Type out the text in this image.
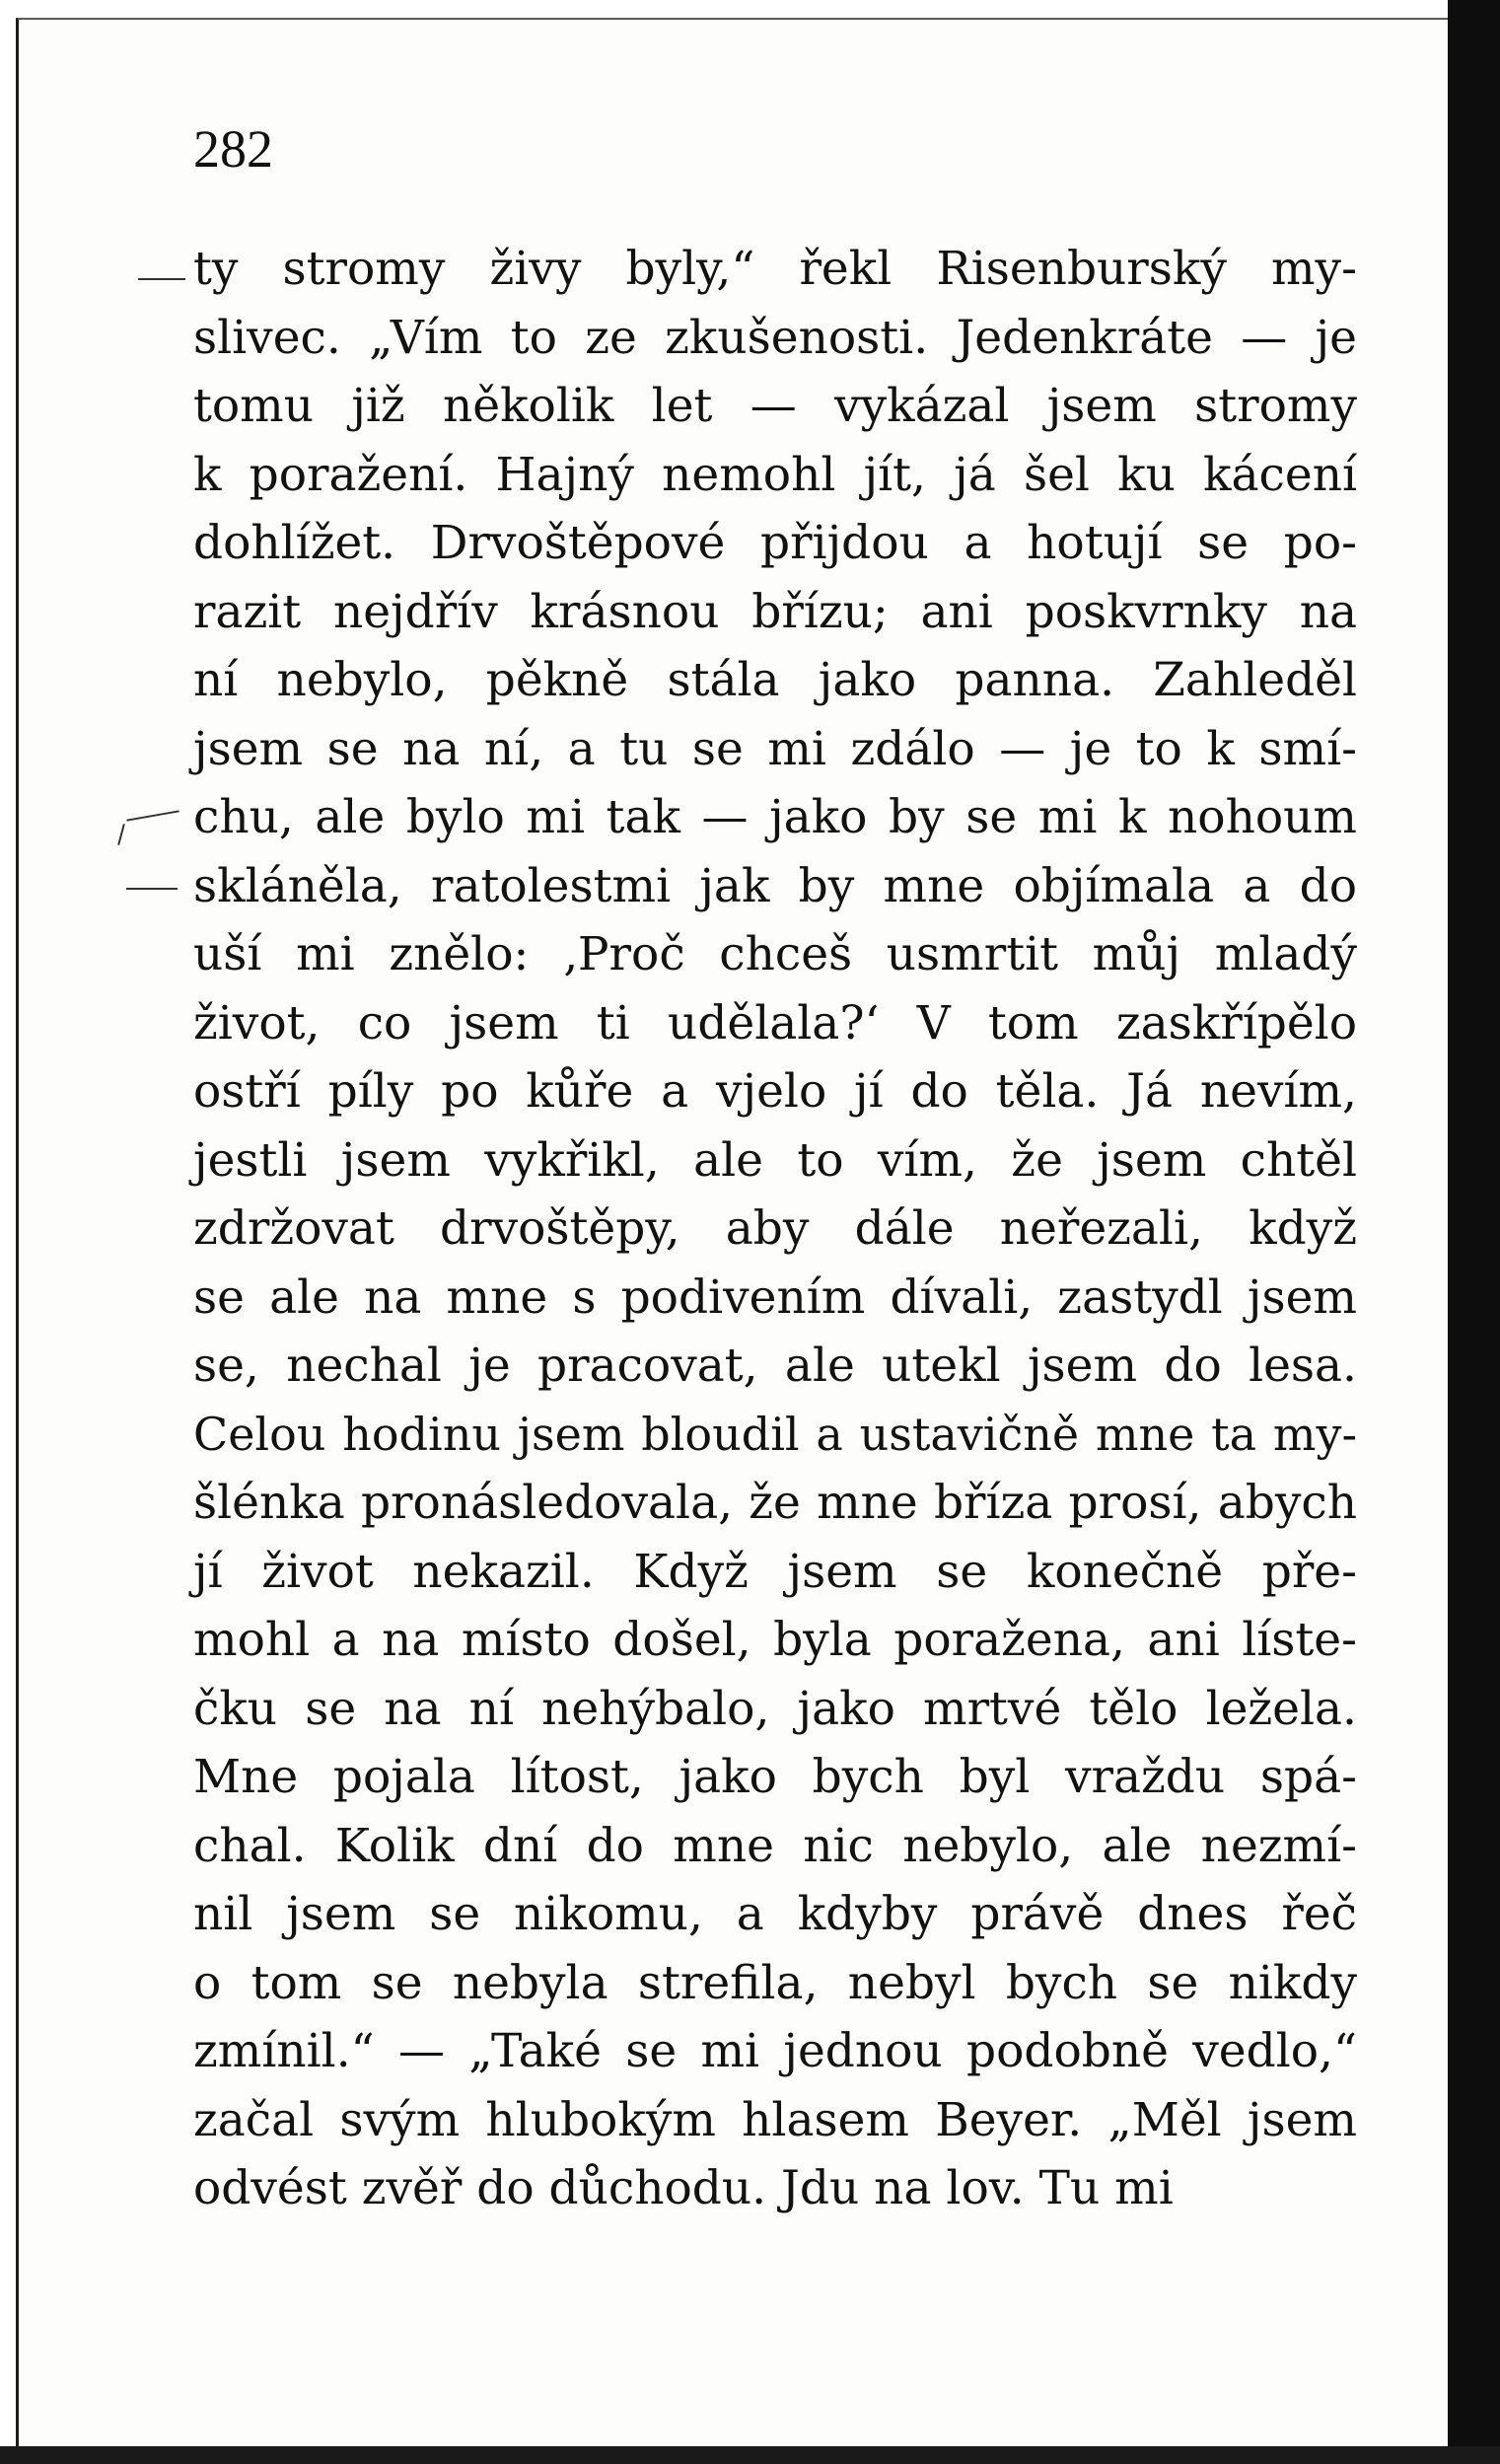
282

ty stromy živy byly,“ řekl Risenburský my-
slivec. „Vím to ze zkušenosti. Jedenkráte — je
tomu již několik let — vykázal jsem stromy
k poražení. Hajný nemohl jít, já šel ku kácení
dohlížet. Drvoštěpové přijdou a hotují se po-
razit nejdřív krásnou břízu; ani poskvrnky na
ní nebylo, pěkně stála jako panna. Zahleděl
jsem se na ní, a tu se mi zdálo — je to k smí-
chu, ale bylo mi tak — jako by se mi k nohoum
skláněla, ratolestmi jak by mne objímala a do
uší mi znělo: ‚Proč chceš usmrtit můj mladý
život, co jsem ti udělala?‘ V tom zaskřípělo
ostří píly po kůře a vjelo jí do těla. Já nevím,
jestli jsem vykřikl, ale to vím, že jsem chtěl
zdržovat drvoštěpy, aby dále neřezali, když
se ale na mne s podivením dívali, zastydl jsem
se, nechal je pracovat, ale utekl jsem do lesa.
Celou hodinu jsem bloudil a ustavičně mne ta my-
šlénka pronásledovala, že mne bříza prosí, abych
jí život nekazil. Když jsem se konečně pře-
mohl a na místo došel, byla poražena, ani líste-
čku se na ní nehýbalo, jako mrtvé tělo ležela.
Mne pojala lítost, jako bych byl vraždu spá-
chal. Kolik dní do mne nic nebylo, ale nezmí-
nil jsem se nikomu, a kdyby právě dnes řeč
o tom se nebyla strefila, nebyl bych se nikdy
zmínil.“ — „Také se mi jednou podobně vedlo,“
začal svým hlubokým hlasem Beyer. „Měl jsem
odvést zvěř do důchodu. Jdu na lov. Tu mi
